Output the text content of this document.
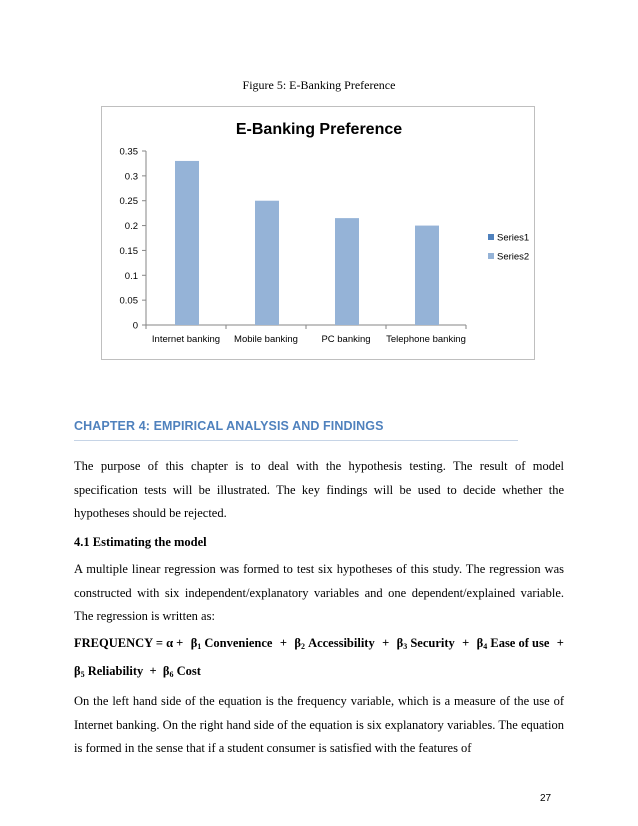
Figure 5: E-Banking Preference
E-Banking Preference
0
0.05
0.1
0.15
0.2
0.25
0.3
0.35
Internet banking Mobile banking PC banking Telephone banking
Series1
Series2
CHAPTER 4: EMPIRICAL ANALYSIS AND FINDINGS
The purpose of this chapter is to deal with the hypothesis testing. The result of model specification tests will be illustrated. The key findings will be used to decide whether the hypotheses should be rejected.
4.1 Estimating the model
A multiple linear regression was formed to test six hypotheses of this study. The regression was constructed with six independent/explanatory variables and one dependent/explained variable. The regression is written as:
FREQUENCY = $\alpha + \beta_1$ Convenience + $\beta_2$ Accessibility + $\beta_3$ Security + $\beta_4$ Ease of use +
$\beta_5$ Reliability + $\beta_6$ Cost
On the left hand side of the equation is the frequency variable, which is a measure of the use of Internet banking. On the right hand side of the equation is six explanatory variables. The equation is formed in the sense that if a student consumer is satisfied with the features of
27
